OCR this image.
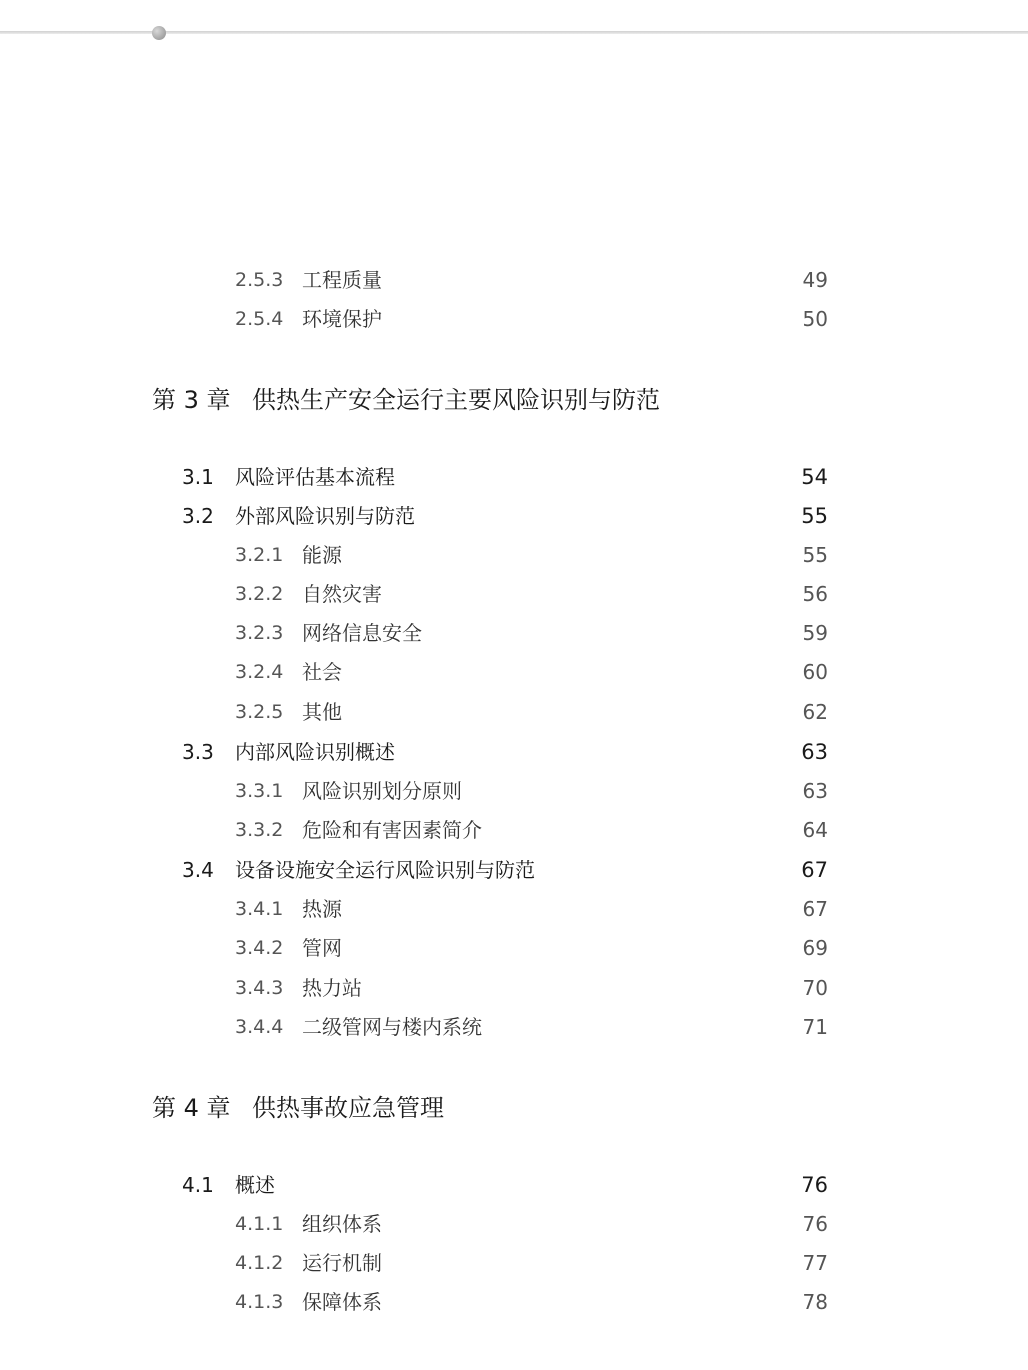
2.5.3 工程质量	49
2.5.4 环境保护	50
第 3 章 供热生产安全运行主要风险识别与防范
3.1 风险评估基本流程	54
3.2 外部风险识别与防范	55
3.2.1 能源	55
3.2.2 自然灾害	56
3.2.3 网络信息安全	59
3.2.4 社会	60
3.2.5 其他	62
3.3 内部风险识别概述	63
3.3.1 风险识别划分原则	63
3.3.2 危险和有害因素简介	64
3.4 设备设施安全运行风险识别与防范	67
3.4.1 热源	67
3.4.2 管网	69
3.4.3 热力站	70
3.4.4 二级管网与楼内系统	71
第 4 章 供热事故应急管理
4.1 概述	76
4.1.1 组织体系	76
4.1.2 运行机制	77
4.1.3 保障体系	78
